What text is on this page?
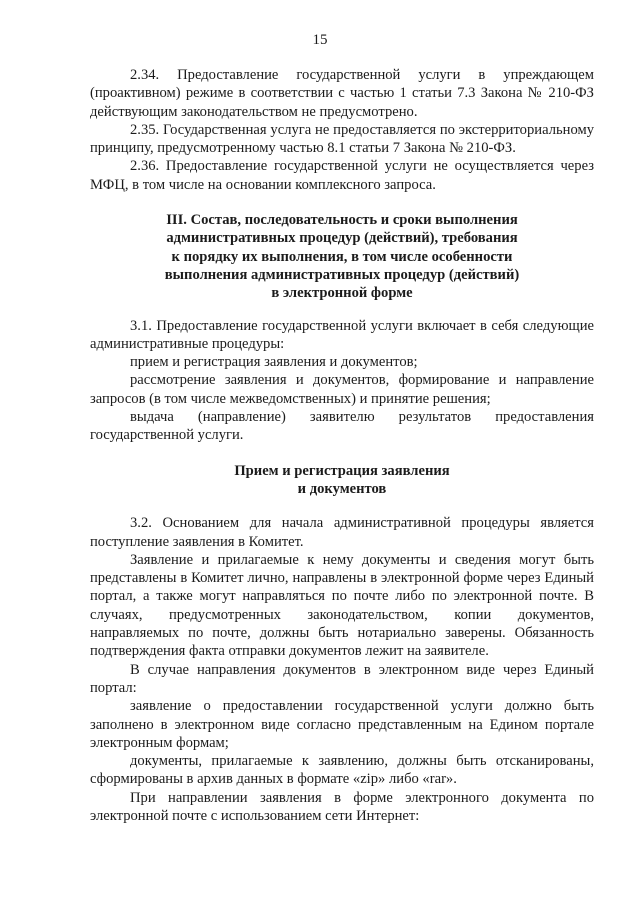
15

2.34. Предоставление государственной услуги в упреждающем (проактивном) режиме в соответствии с частью 1 статьи 7.3 Закона № 210-ФЗ действующим законодательством не предусмотрено.

2.35. Государственная услуга не предоставляется по экстерриториальному принципу, предусмотренному частью 8.1 статьи 7 Закона № 210-ФЗ.

2.36. Предоставление государственной услуги не осуществляется через МФЦ, в том числе на основании комплексного запроса.

III. Состав, последовательность и сроки выполнения
административных процедур (действий), требования
к порядку их выполнения, в том числе особенности
выполнения административных процедур (действий)
в электронной форме

3.1. Предоставление государственной услуги включает в себя следующие административные процедуры:

прием и регистрация заявления и документов;

рассмотрение заявления и документов, формирование и направление запросов (в том числе межведомственных) и принятие решения;

выдача (направление) заявителю результатов предоставления государственной услуги.

Прием и регистрация заявления
и документов

3.2. Основанием для начала административной процедуры является поступление заявления в Комитет.

Заявление и прилагаемые к нему документы и сведения могут быть представлены в Комитет лично, направлены в электронной форме через Единый портал, а также могут направляться по почте либо по электронной почте. В случаях, предусмотренных законодательством, копии документов, направляемых по почте, должны быть нотариально заверены. Обязанность подтверждения факта отправки документов лежит на заявителе.

В случае направления документов в электронном виде через Единый портал:

заявление о предоставлении государственной услуги должно быть заполнено в электронном виде согласно представленным на Едином портале электронным формам;

документы, прилагаемые к заявлению, должны быть отсканированы, сформированы в архив данных в формате «zip» либо «rar».

При направлении заявления в форме электронного документа по электронной почте с использованием сети Интернет:
